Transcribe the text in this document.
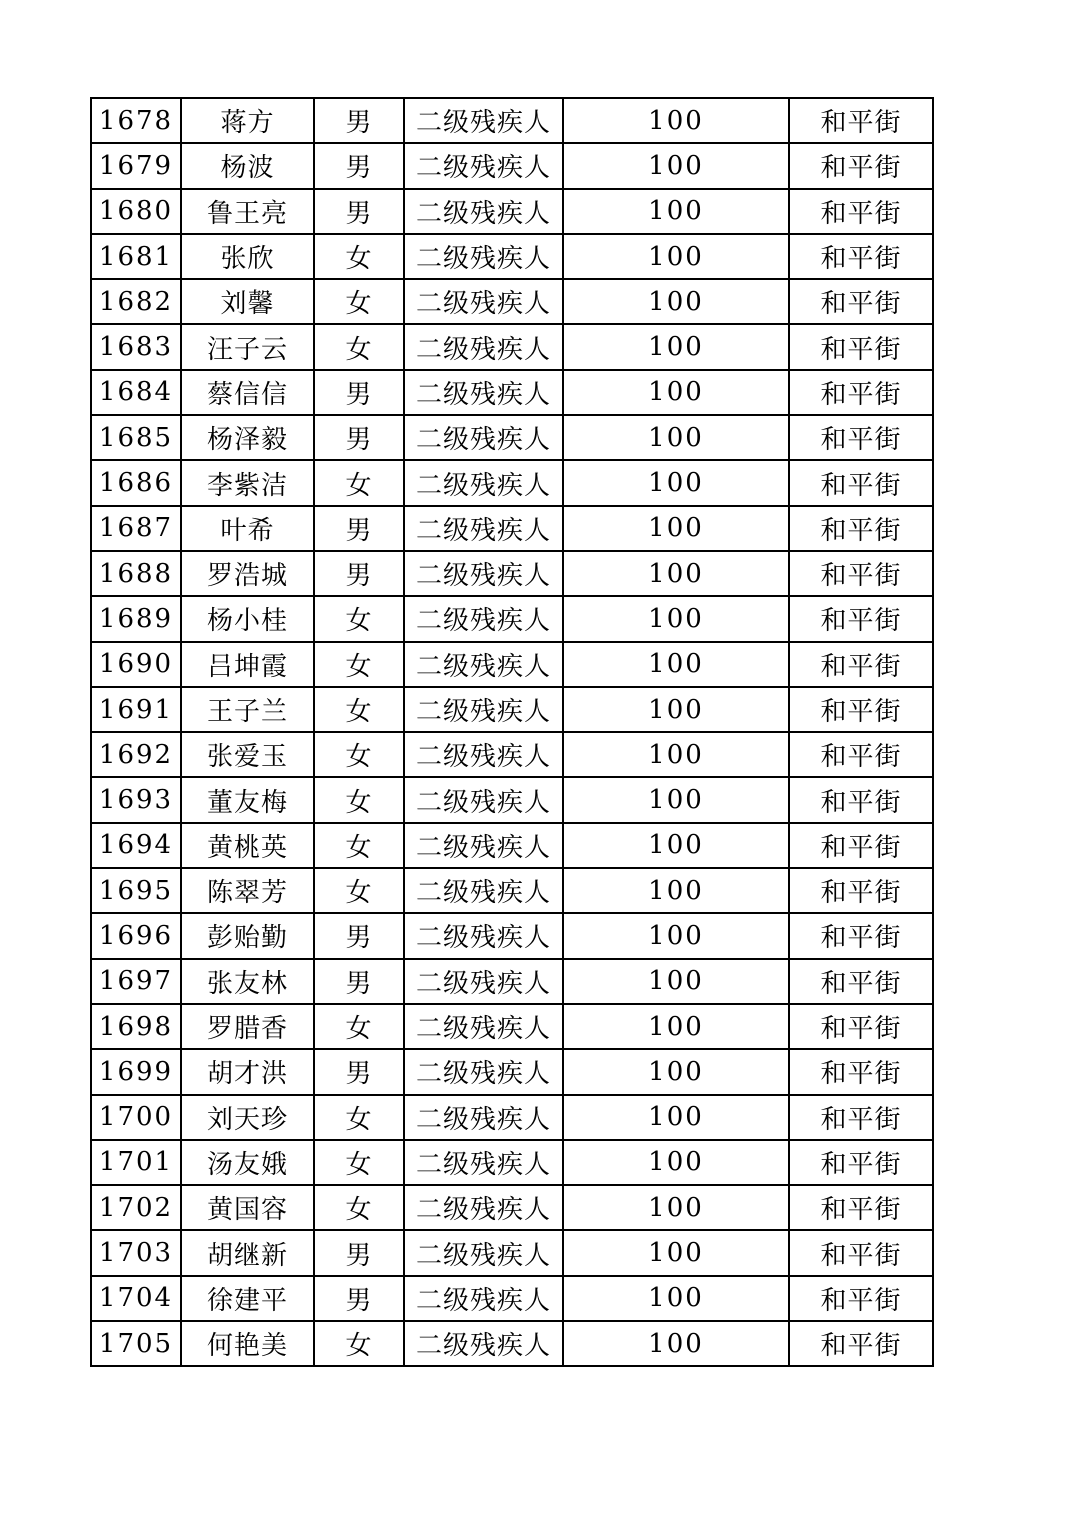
1678	蒋方	男	二级残疾人	100	和平街
1679	杨波	男	二级残疾人	100	和平街
1680	鲁王亮	男	二级残疾人	100	和平街
1681	张欣	女	二级残疾人	100	和平街
1682	刘馨	女	二级残疾人	100	和平街
1683	汪子云	女	二级残疾人	100	和平街
1684	蔡信信	男	二级残疾人	100	和平街
1685	杨泽毅	男	二级残疾人	100	和平街
1686	李紫洁	女	二级残疾人	100	和平街
1687	叶希	男	二级残疾人	100	和平街
1688	罗浩城	男	二级残疾人	100	和平街
1689	杨小桂	女	二级残疾人	100	和平街
1690	吕坤霞	女	二级残疾人	100	和平街
1691	王子兰	女	二级残疾人	100	和平街
1692	张爱玉	女	二级残疾人	100	和平街
1693	董友梅	女	二级残疾人	100	和平街
1694	黄桃英	女	二级残疾人	100	和平街
1695	陈翠芳	女	二级残疾人	100	和平街
1696	彭贻勤	男	二级残疾人	100	和平街
1697	张友林	男	二级残疾人	100	和平街
1698	罗腊香	女	二级残疾人	100	和平街
1699	胡才洪	男	二级残疾人	100	和平街
1700	刘天珍	女	二级残疾人	100	和平街
1701	汤友娥	女	二级残疾人	100	和平街
1702	黄国容	女	二级残疾人	100	和平街
1703	胡继新	男	二级残疾人	100	和平街
1704	徐建平	男	二级残疾人	100	和平街
1705	何艳美	女	二级残疾人	100	和平街
